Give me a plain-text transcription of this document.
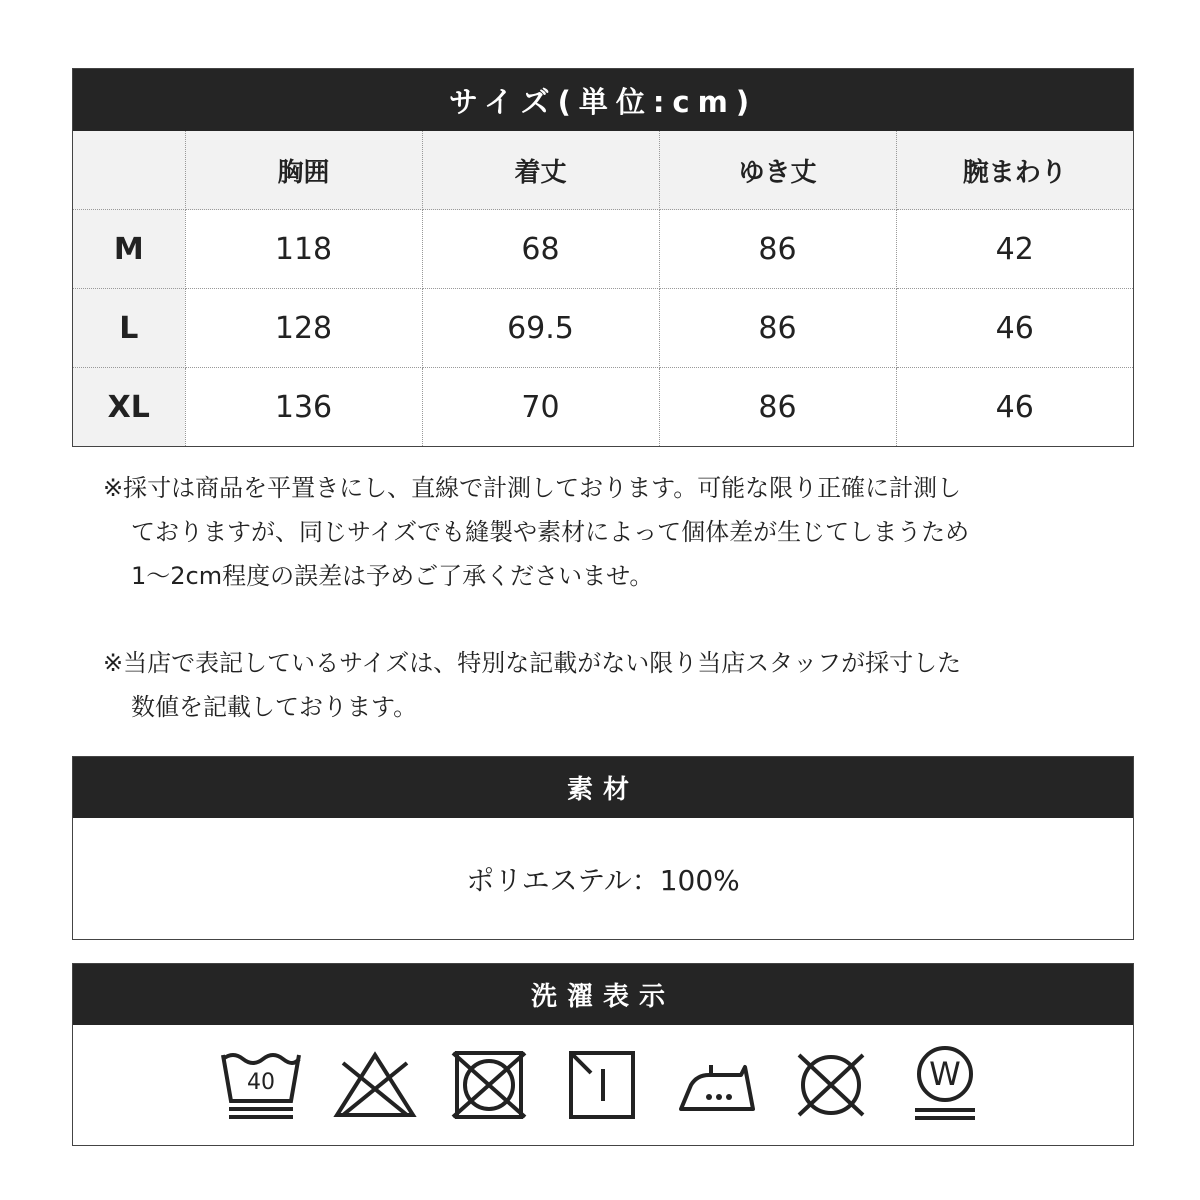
サイズ(単位:cm)
	胸囲	着丈	ゆき丈	腕まわり
M	118	68	86	42
L	128	69.5	86	46
XL	136	70	86	46

※採寸は商品を平置きにし、直線で計測しております。可能な限り正確に計測し

ておりますが、同じサイズでも縫製や素材によって個体差が生じてしまうため

1〜2cm程度の誤差は予めご了承くださいませ。

※当店で表記しているサイズは、特別な記載がない限り当店スタッフが採寸した

数値を記載しております。

素材
ポリエステル：100%
洗濯表示
40	W
